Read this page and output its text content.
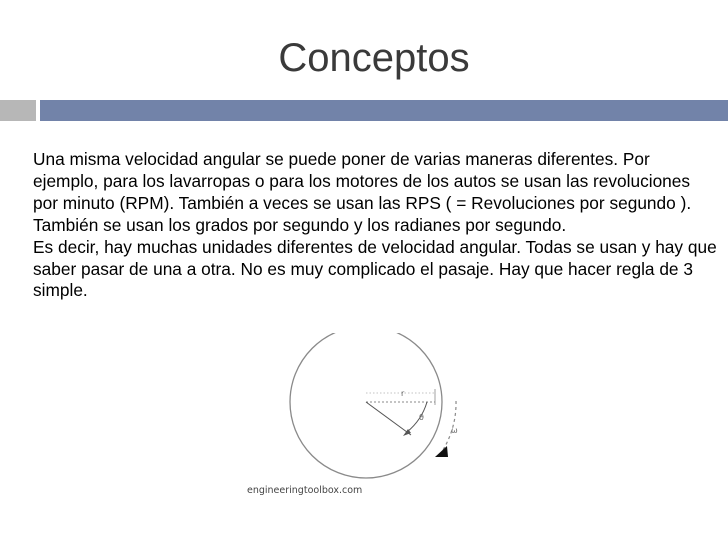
Conceptos

Una misma velocidad angular se puede poner de varias maneras diferentes. Por ejemplo, para los lavarropas o para los motores de los autos se usan las revoluciones por minuto (RPM). También a veces se usan las RPS ( = Revoluciones por segundo ).

También se usan los grados por segundo y los radianes por segundo.

Es decir, hay muchas unidades diferentes de velocidad angular. Todas se usan y hay que saber pasar de una a otra. No es muy complicado el pasaje. Hay que hacer regla de 3 simple.

r
θ
ω
engineeringtoolbox.com
